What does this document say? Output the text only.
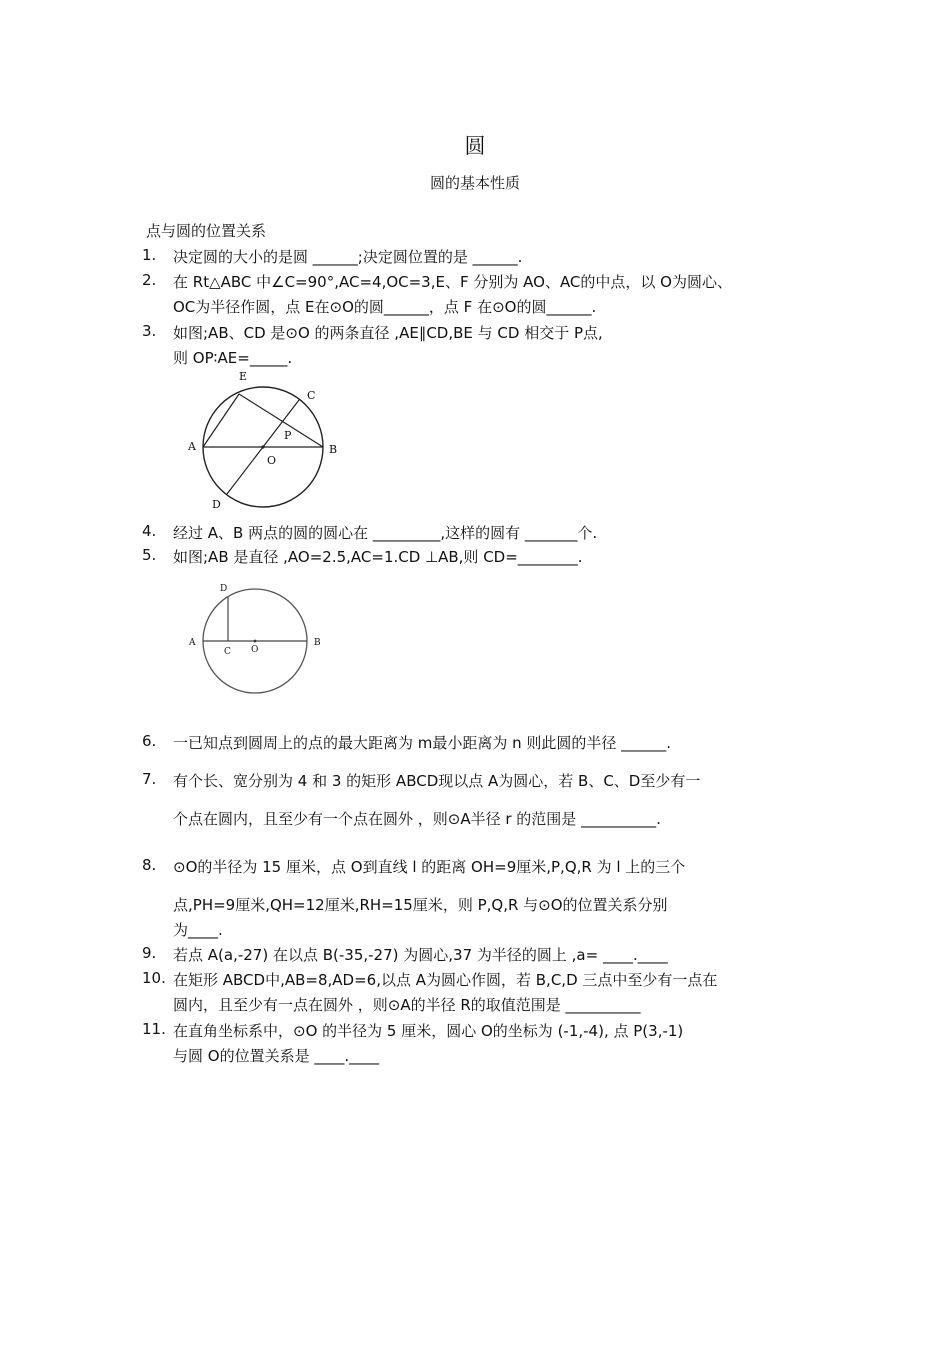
圆
圆的基本性质
点与圆的位置关系
1. 决定圆的大小的是圆 ______;决定圆位置的是 ______.
2. 在 Rt△ABC 中∠C=90°,AC=4,OC=3,E、F 分别为 AO、AC的中点，以 O为圆心、
OC为半径作圆，点 E在⊙O的圆______，点 F 在⊙O的圆______.
3. 如图;AB、CD 是⊙O 的两条直径 ,AE∥CD,BE 与 CD 相交于 P点,
则 OP∶AE=_____.
A	B
C
D
E
O
P
4. 经过 A、B 两点的圆的圆心在 _________,这样的圆有 _______个.
5. 如图;AB 是直径 ,AO=2.5,AC=1.CD ⊥AB,则 CD=________.
A	B
C
D
O
6. 一已知点到圆周上的点的最大距离为 m最小距离为 n 则此圆的半径 ______.
7. 有个长、宽分别为 4 和 3 的矩形 ABCD现以点 A为圆心，若 B、C、D至少有一
个点在圆内，且至少有一个点在圆外 ，则⊙A半径 r 的范围是 __________.
8. ⊙O的半径为 15 厘米，点 O到直线 l 的距离 OH=9厘米,P,Q,R 为 l 上的三个
点,PH=9厘米,QH=12厘米,RH=15厘米，则 P,Q,R 与⊙O的位置关系分别
为____.
9. 若点 A(a,-27) 在以点 B(-35,-27) 为圆心,37 为半径的圆上 ,a= ____.____
10. 在矩形 ABCD中,AB=8,AD=6,以点 A为圆心作圆，若 B,C,D 三点中至少有一点在
圆内，且至少有一点在圆外 ，则⊙A的半径 R的取值范围是 __________
11. 在直角坐标系中，⊙O 的半径为 5 厘米，圆心 O的坐标为 (-1,-4), 点 P(3,-1)
与圆 O的位置关系是 ____.____
